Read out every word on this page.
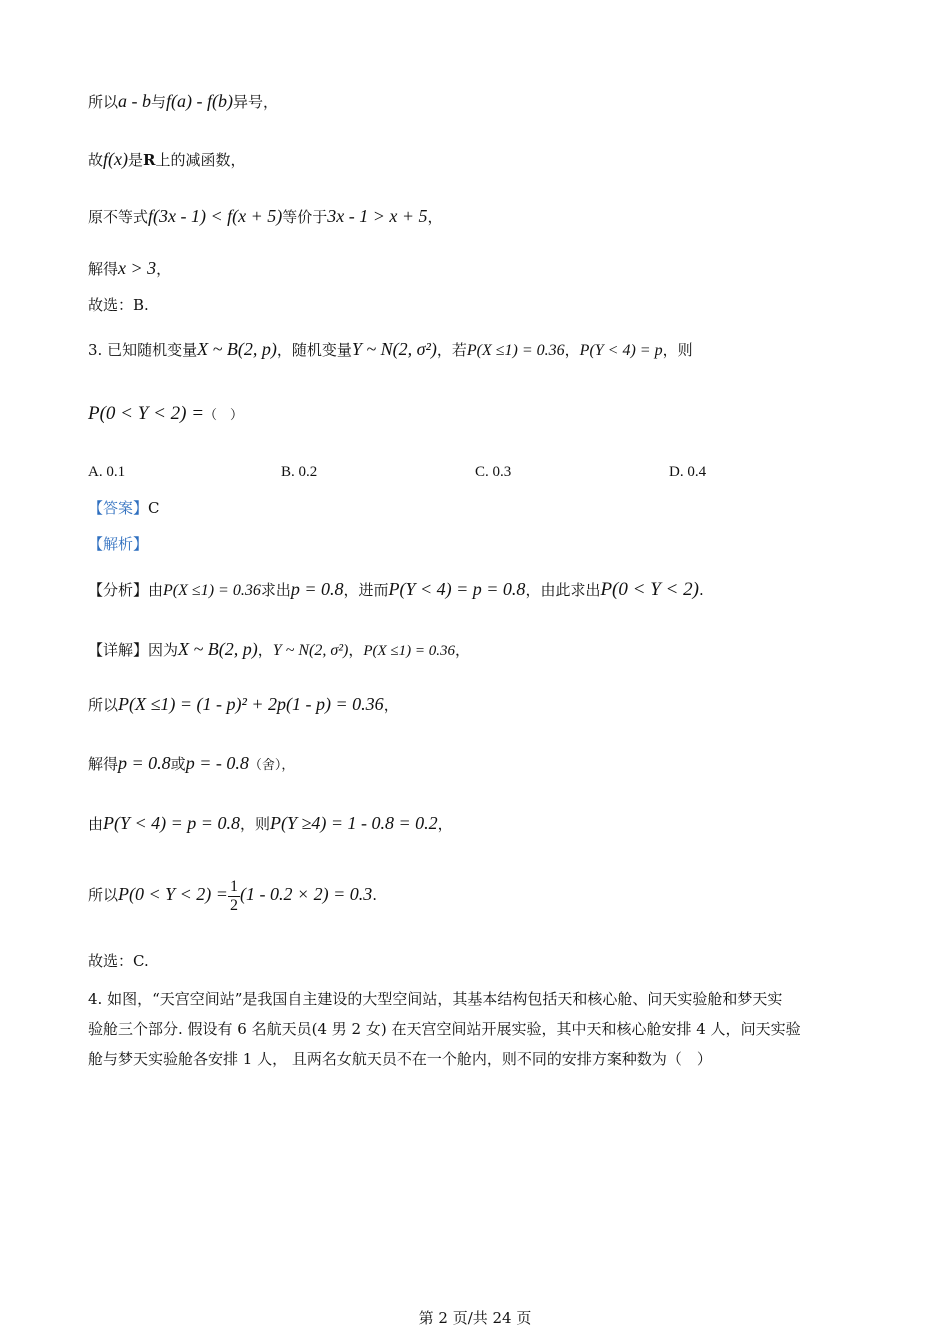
所以a - b与f(a) - f(b)异号，
故f(x)是R上的减函数，
原不等式f(3x - 1) < f(x + 5)等价于3x - 1 > x + 5，
解得x > 3，
故选：B.
3. 已知随机变量X ~ B(2, p)，随机变量Y ~ N(2, σ²)，若P(X ≤1) = 0.36，P(Y < 4) = p，则
P(0 < Y < 2) =（　）
A. 0.1	B. 0.2	C. 0.3	D. 0.4
【答案】C
【解析】
【分析】由P(X ≤1) = 0.36求出p = 0.8，进而P(Y < 4) = p = 0.8，由此求出P(0 < Y < 2).
【详解】因为X ~ B(2, p)，Y ~ N(2, σ²)，P(X ≤1) = 0.36，
所以P(X ≤1) = (1 - p)² + 2p(1 - p) = 0.36，
解得p = 0.8或p = - 0.8（舍），
由P(Y < 4) = p = 0.8，则P(Y ≥4) = 1 - 0.8 = 0.2，
所以$P(0 < Y < 2) = \frac{1}{2} (1 - 0.2 \times 2) = 0.3$.
故选：C.
4. 如图，“天宫空间站”是我国自主建设的大型空间站，其基本结构包括天和核心舱、问天实验舱和梦天实
验舱三个部分. 假设有 6 名航天员(4 男 2 女) 在天宫空间站开展实验，其中天和核心舱安排 4 人，问天实验
舱与梦天实验舱各安排 1 人， 且两名女航天员不在一个舱内，则不同的安排方案种数为（　）
第 2 页/共 24 页
